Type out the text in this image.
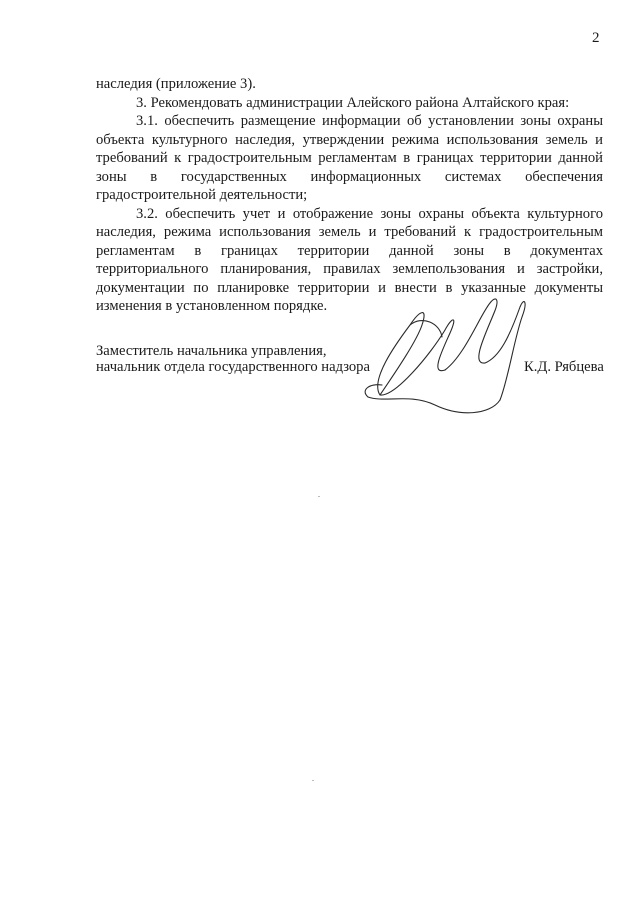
2

наследия (приложение 3).

3. Рекомендовать администрации Алейского района Алтайского края:

3.1. обеспечить размещение информации об установлении зоны охраны объекта культурного наследия, утверждении режима использования земель и требований к градостроительным регламентам в границах территории данной зоны в государственных информационных системах обеспечения градостроительной деятельности;

3.2. обеспечить учет и отображение зоны охраны объекта культурного наследия, режима использования земель и требований к градостроительным регламентам в границах территории данной зоны в документах территориального планирования, правилах землепользования и застройки, документации по планировке территории и внести в указанные документы изменения в установленном порядке.

Заместитель начальника управления,
начальник отдела государственного надзора	К.Д. Рябцева
